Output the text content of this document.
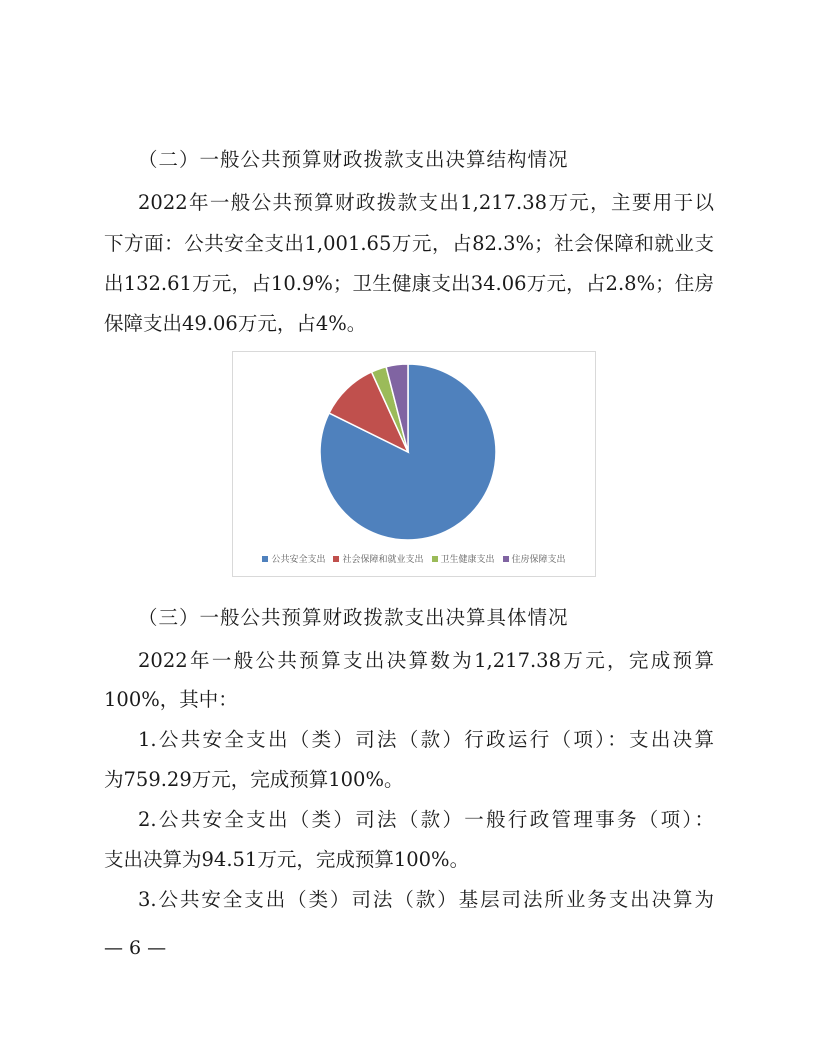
（二）一般公共预算财政拨款支出决算结构情况
2022年一般公共预算财政拨款支出1,217.38万元，主要用于以
下方面：公共安全支出1,001.65万元，占82.3%；社会保障和就业支
出132.61万元，占10.9%；卫生健康支出34.06万元，占2.8%；住房
保障支出49.06万元，占4%。
公共安全支出 社会保障和就业支出 卫生健康支出 住房保障支出
（三）一般公共预算财政拨款支出决算具体情况
2022年一般公共预算支出决算数为1,217.38万元，完成预算
100%，其中：
1.公共安全支出（类）司法（款）行政运行（项）：支出决算
为759.29万元，完成预算100%。
2.公共安全支出（类）司法（款）一般行政管理事务（项）：
支出决算为94.51万元，完成预算100%。
3.公共安全支出（类）司法（款）基层司法所业务支出决算为
— 6 —
